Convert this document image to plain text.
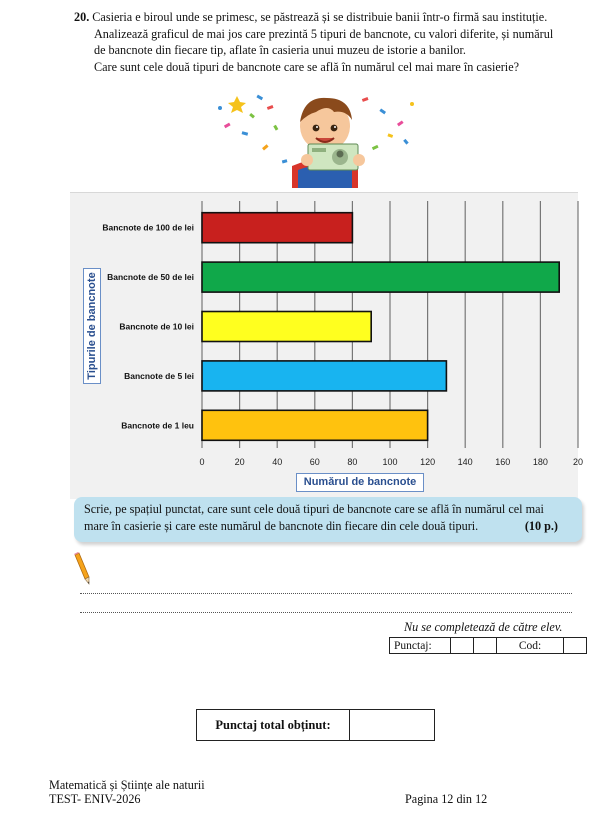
20. Casieria e biroul unde se primesc, se păstrează și se distribuie banii într-o firmă sau instituție.
Analizează graficul de mai jos care prezintă 5 tipuri de bancnote, cu valori diferite, și numărul
de bancnote din fiecare tip, aflate în casieria unui muzeu de istorie a banilor.
Care sunt cele două tipuri de bancnote care se află în numărul cel mai mare în casierie?
0	20	40	60	80	100	120	140	160	180	20
Bancnote de 100 de lei
Bancnote de 50 de lei
Bancnote de 10 lei
Bancnote de 5 lei
Bancnote de 1 leu
Tipurile de bancnote
Numărul de bancnote
Scrie, pe spațiul punctat, care sunt cele două tipuri de bancnote care se află în numărul cel mai
mare în casierie și care este numărul de bancnote din fiecare din cele două tipuri.	(10 p.)
Nu se completează de către elev.
Punctaj:			Cod:	
Punctaj total obținut:	
Matematică și Științe ale naturii
TEST- ENIV-2026	Pagina 12 din 12
